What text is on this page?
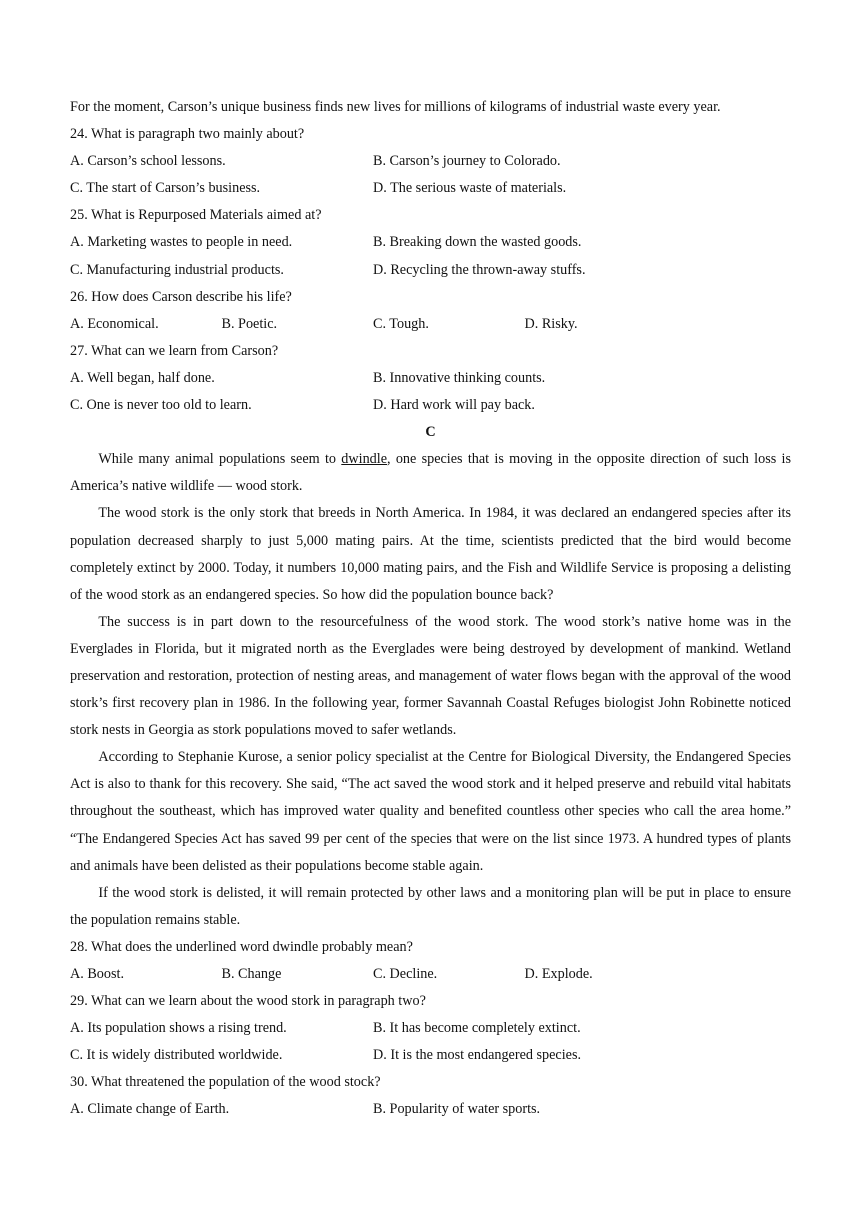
For the moment, Carson’s unique business finds new lives for millions of kilograms of industrial waste every year.
24. What is paragraph two mainly about?
A. Carson’s school lessons.	B. Carson’s journey to Colorado.
C. The start of Carson’s business.	D. The serious waste of materials.
25. What is Repurposed Materials aimed at?
A. Marketing wastes to people in need.	B. Breaking down the wasted goods.
C. Manufacturing industrial products.	D. Recycling the thrown-away stuffs.
26. How does Carson describe his life?
A. Economical.	B. Poetic.	C. Tough.	D. Risky.
27. What can we learn from Carson?
A. Well began, half done.	B. Innovative thinking counts.
C. One is never too old to learn.	D. Hard work will pay back.
C

While many animal populations seem to dwindle, one species that is moving in the opposite direction of such loss is America’s native wildlife — wood stork.

The wood stork is the only stork that breeds in North America. In 1984, it was declared an endangered species after its population decreased sharply to just 5,000 mating pairs. At the time, scientists predicted that the bird would become completely extinct by 2000. Today, it numbers 10,000 mating pairs, and the Fish and Wildlife Service is proposing a delisting of the wood stork as an endangered species. So how did the population bounce back?

The success is in part down to the resourcefulness of the wood stork. The wood stork’s native home was in the Everglades in Florida, but it migrated north as the Everglades were being destroyed by development of mankind. Wetland preservation and restoration, protection of nesting areas, and management of water flows began with the approval of the wood stork’s first recovery plan in 1986. In the following year, former Savannah Coastal Refuges biologist John Robinette noticed stork nests in Georgia as stork populations moved to safer wetlands.

According to Stephanie Kurose, a senior policy specialist at the Centre for Biological Diversity, the Endangered Species Act is also to thank for this recovery. She said, “The act saved the wood stork and it helped preserve and rebuild vital habitats throughout the southeast, which has improved water quality and benefited countless other species who call the area home.” “The Endangered Species Act has saved 99 per cent of the species that were on the list since 1973. A hundred types of plants and animals have been delisted as their populations become stable again.

If the wood stork is delisted, it will remain protected by other laws and a monitoring plan will be put in place to ensure the population remains stable.

28. What does the underlined word dwindle probably mean?
A. Boost.	B. Change	C. Decline.	D. Explode.
29. What can we learn about the wood stork in paragraph two?
A. Its population shows a rising trend.	B. It has become completely extinct.
C. It is widely distributed worldwide.	D. It is the most endangered species.
30. What threatened the population of the wood stock?
A. Climate change of Earth.	B. Popularity of water sports.
